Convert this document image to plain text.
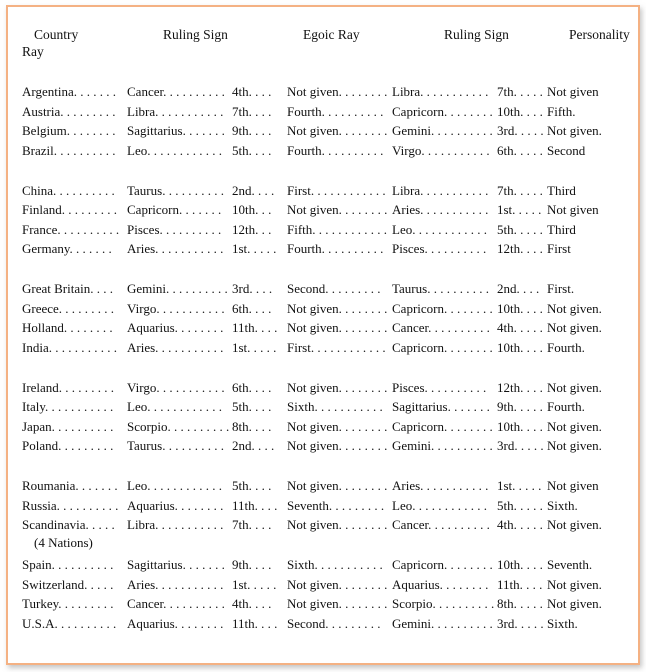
Country	Ruling Sign	Egoic Ray	Ruling Sign	Personality
Ray
Argentina. . . . . . . Cancer. . . . . . . . . . 4th. . . .	Not given. . . . . . . . Libra. . . . . . . . . . . 7th. . . . . Not given
Austria. . . . . . . . . Libra. . . . . . . . . . . 7th. . . .	Fourth. . . . . . . . . . Capricorn. . . . . . . . 10th. . . . Fifth.
Belgium. . . . . . . . Sagittarius. . . . . . . 9th. . . .	Not given. . . . . . . . Gemini. . . . . . . . . . 3rd. . . . . Not given.
Brazil. . . . . . . . . . Leo. . . . . . . . . . . . 5th. . . .	Fourth. . . . . . . . . . Virgo. . . . . . . . . . . 6th. . . . . Second
China. . . . . . . . . . Taurus. . . . . . . . . . 2nd. . . . First. . . . . . . . . . . . Libra. . . . . . . . . . . 7th. . . . . Third
Finland. . . . . . . . . Capricorn. . . . . . . 10th. . .	Not given. . . . . . . . Aries. . . . . . . . . . . 1st. . . . . Not given
France. . . . . . . . . . Pisces. . . . . . . . . . 12th. . .	Fifth. . . . . . . . . . . . Leo. . . . . . . . . . . . 5th. . . . . Third
Germany. . . . . . .	Aries. . . . . . . . . . . 1st. . . . . Fourth. . . . . . . . . . Pisces. . . . . . . . . . 12th. . . . First
Great Britain. . . .	Gemini. . . . . . . . . . 3rd. . . .	Second. . . . . . . . . Taurus. . . . . . . . . . 2nd. . . . First.
Greece. . . . . . . . . Virgo. . . . . . . . . . . 6th. . . .	Not given. . . . . . . . Capricorn. . . . . . . . 10th. . . . Not given.
Holland. . . . . . . .	Aquarius. . . . . . . . 11th. . . . Not given. . . . . . . . Cancer. . . . . . . . . . 4th. . . . . Not given.
India. . . . . . . . . . . Aries. . . . . . . . . . . 1st. . . . . First. . . . . . . . . . . . Capricorn. . . . . . . . 10th. . . . Fourth.
Ireland. . . . . . . . . Virgo. . . . . . . . . . . 6th. . . .	Not given. . . . . . . . Pisces. . . . . . . . . . 12th. . . . Not given.
Italy. . . . . . . . . . .	Leo. . . . . . . . . . . . 5th. . . .	Sixth. . . . . . . . . . . Sagittarius. . . . . . . 9th. . . . . Fourth.
Japan. . . . . . . . . .	Scorpio. . . . . . . . . . 8th. . . .	Not given. . . . . . . . Capricorn. . . . . . . . 10th. . . . Not given.
Poland. . . . . . . . .	Taurus. . . . . . . . . . 2nd. . . . Not given. . . . . . . . Gemini. . . . . . . . . . 3rd. . . . . Not given.
Roumania. . . . . . . Leo. . . . . . . . . . . . 5th. . . .	Not given. . . . . . . . Aries. . . . . . . . . . . 1st. . . . . Not given
Russia. . . . . . . . . . Aquarius. . . . . . . . 11th. . . . Seventh. . . . . . . . . Leo. . . . . . . . . . . . 5th. . . . . Sixth.
Scandinavia. . . . . Libra. . . . . . . . . . . 7th. . . .	Not given. . . . . . . . Cancer. . . . . . . . . . 4th. . . . . Not given.
(4 Nations)
Spain. . . . . . . . . .	Sagittarius. . . . . . . 9th. . . .	Sixth. . . . . . . . . . . Capricorn. . . . . . . . 10th. . . . Seventh.
Switzerland. . . . .	Aries. . . . . . . . . . . 1st. . . . . Not given. . . . . . . . Aquarius. . . . . . . . 11th. . . . Not given.
Turkey. . . . . . . . .	Cancer. . . . . . . . . . 4th. . . .	Not given. . . . . . . . Scorpio. . . . . . . . . . 8th. . . . . Not given.
U.S.A. . . . . . . . . . Aquarius. . . . . . . . 11th. . . . Second. . . . . . . . . Gemini. . . . . . . . . . 3rd. . . . . Sixth.
